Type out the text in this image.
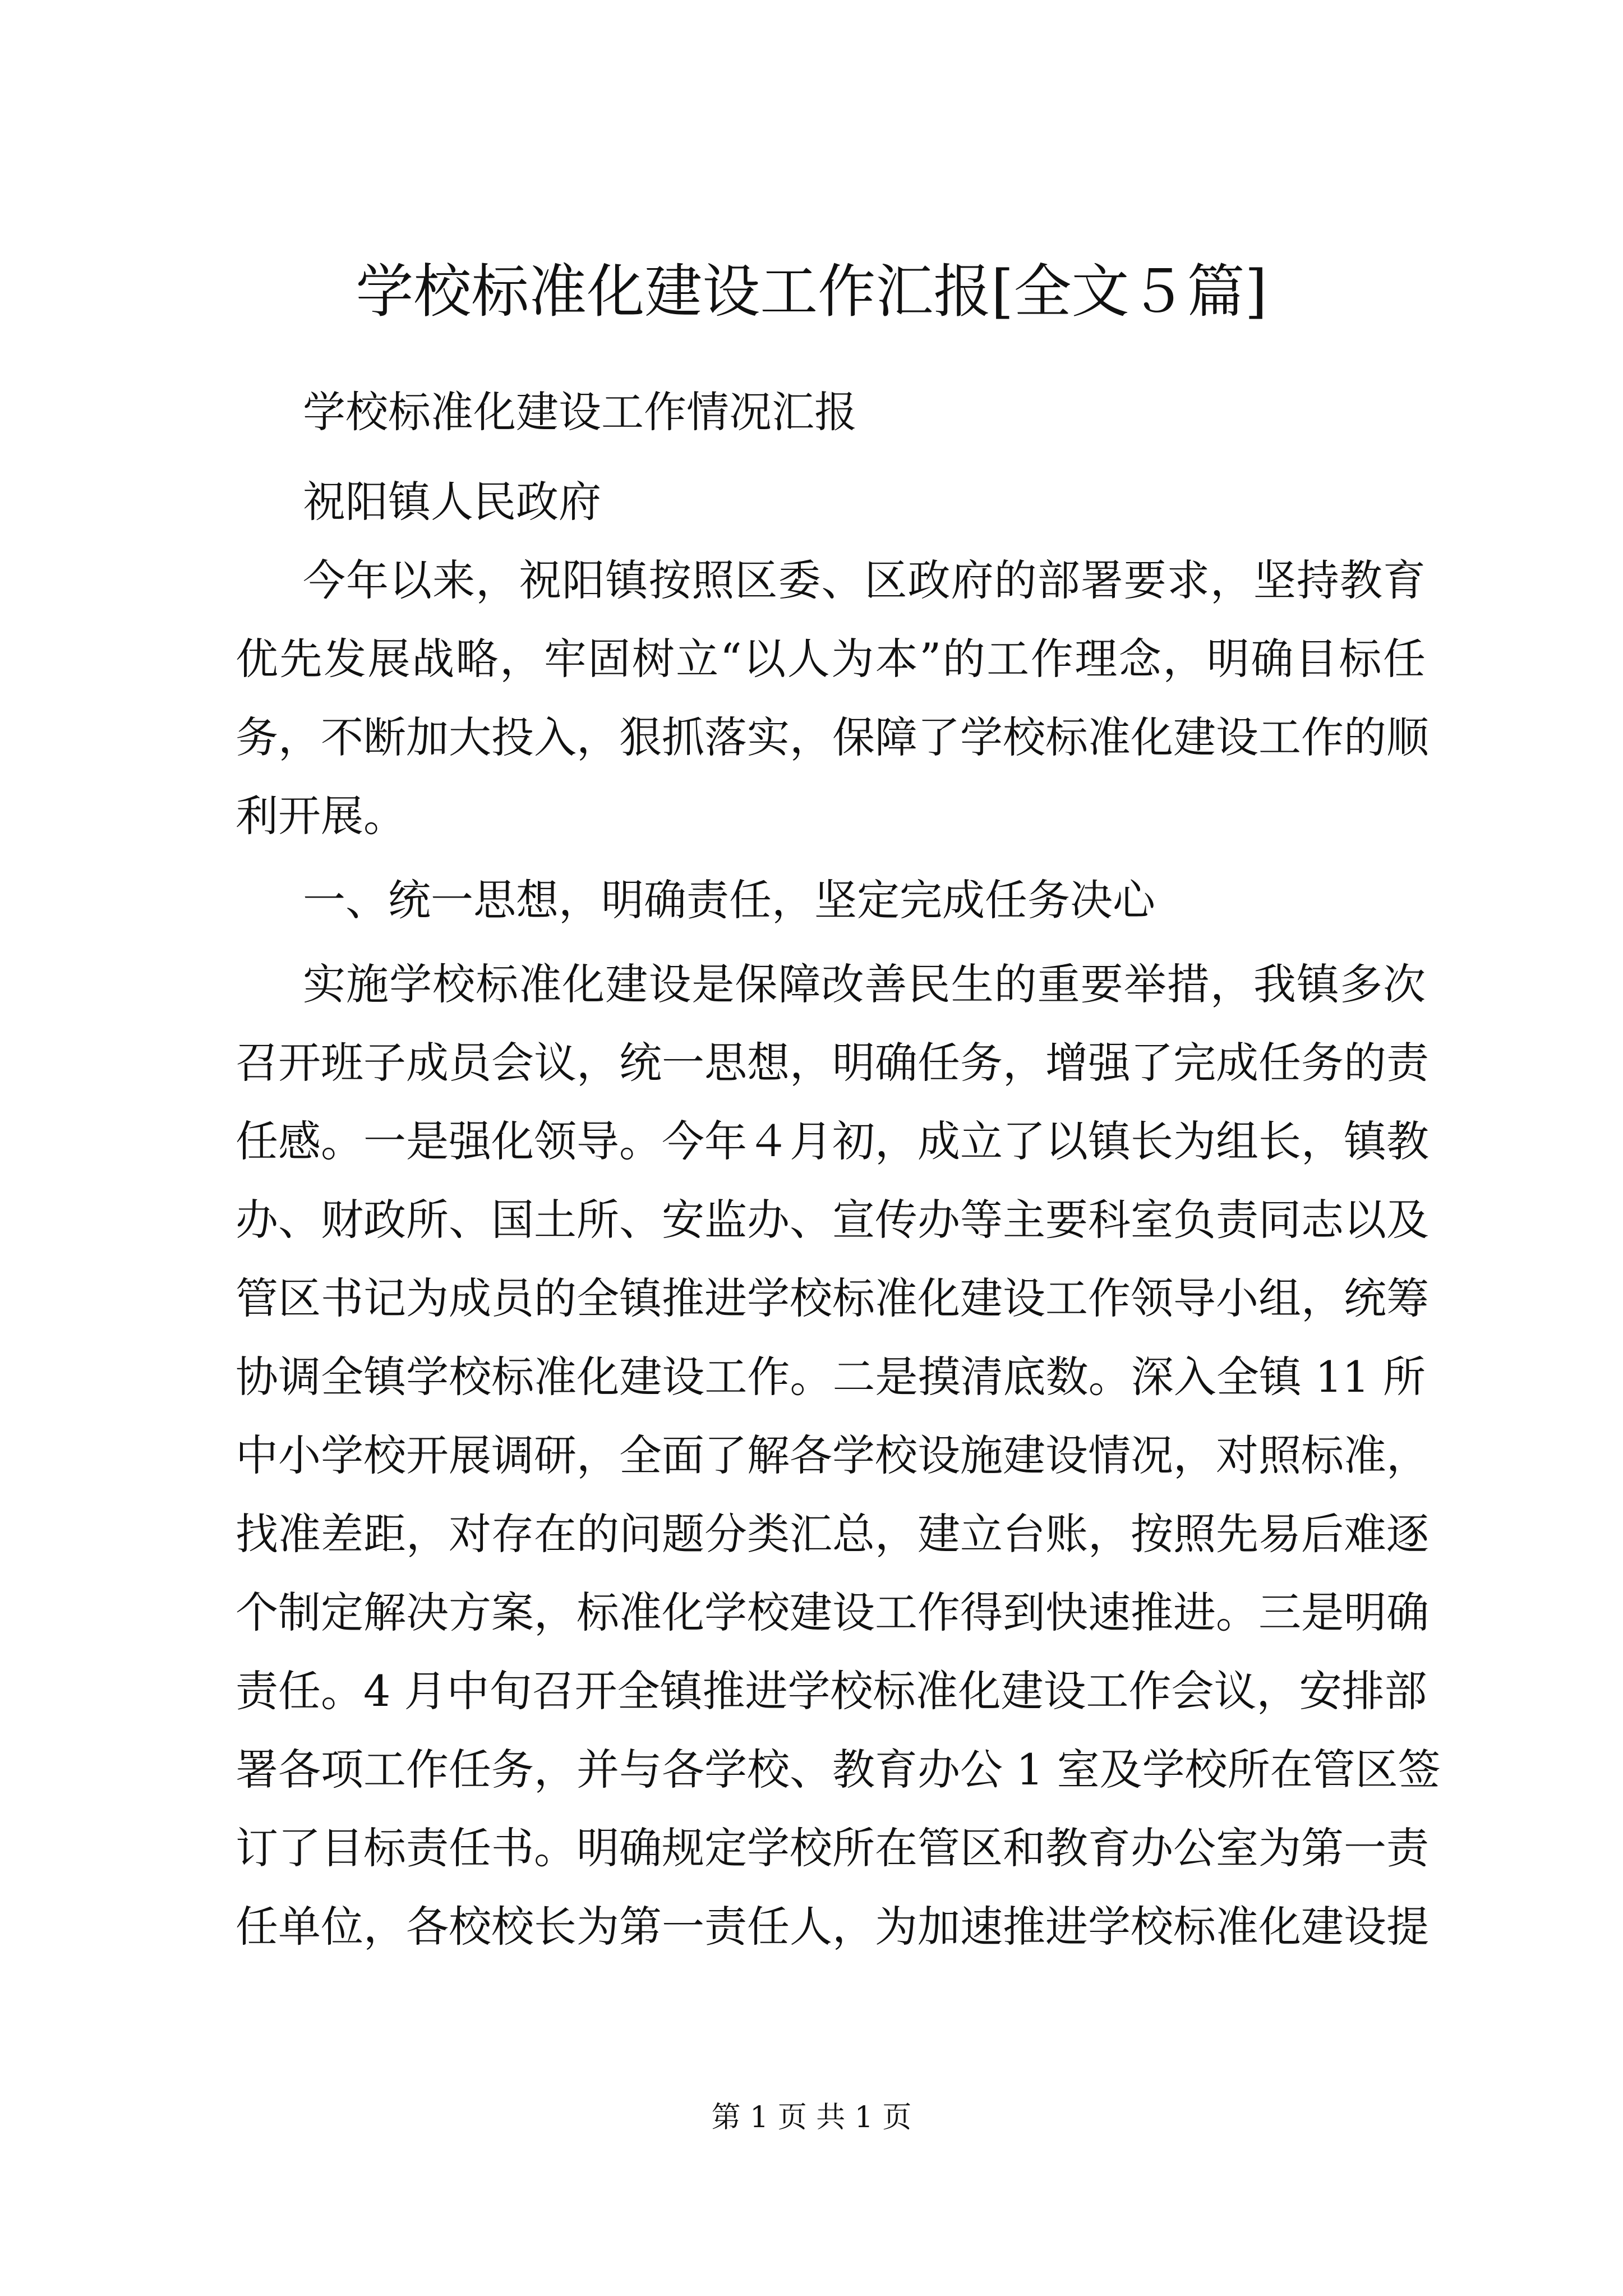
学校标准化建设工作汇报[全文５篇]

学校标准化建设工作情况汇报

祝阳镇人民政府

今年以来，祝阳镇按照区委、区政府的部署要求，坚持教育

优先发展战略，牢固树立“以人为本”的工作理念，明确目标任

务，不断加大投入，狠抓落实，保障了学校标准化建设工作的顺

利开展。

一、统一思想，明确责任，坚定完成任务决心

实施学校标准化建设是保障改善民生的重要举措，我镇多次

召开班子成员会议，统一思想，明确任务，增强了完成任务的责

任感。一是强化领导。今年４月初，成立了以镇长为组长，镇教

办、财政所、国土所、安监办、宣传办等主要科室负责同志以及

管区书记为成员的全镇推进学校标准化建设工作领导小组，统筹

协调全镇学校标准化建设工作。二是摸清底数。深入全镇 11 所

中小学校开展调研，全面了解各学校设施建设情况，对照标准，

找准差距，对存在的问题分类汇总，建立台账，按照先易后难逐

个制定解决方案，标准化学校建设工作得到快速推进。三是明确

责任。4 月中旬召开全镇推进学校标准化建设工作会议，安排部

署各项工作任务，并与各学校、教育办公 1 室及学校所在管区签

订了目标责任书。明确规定学校所在管区和教育办公室为第一责

任单位，各校校长为第一责任人，为加速推进学校标准化建设提

第 1 页 共 1 页
